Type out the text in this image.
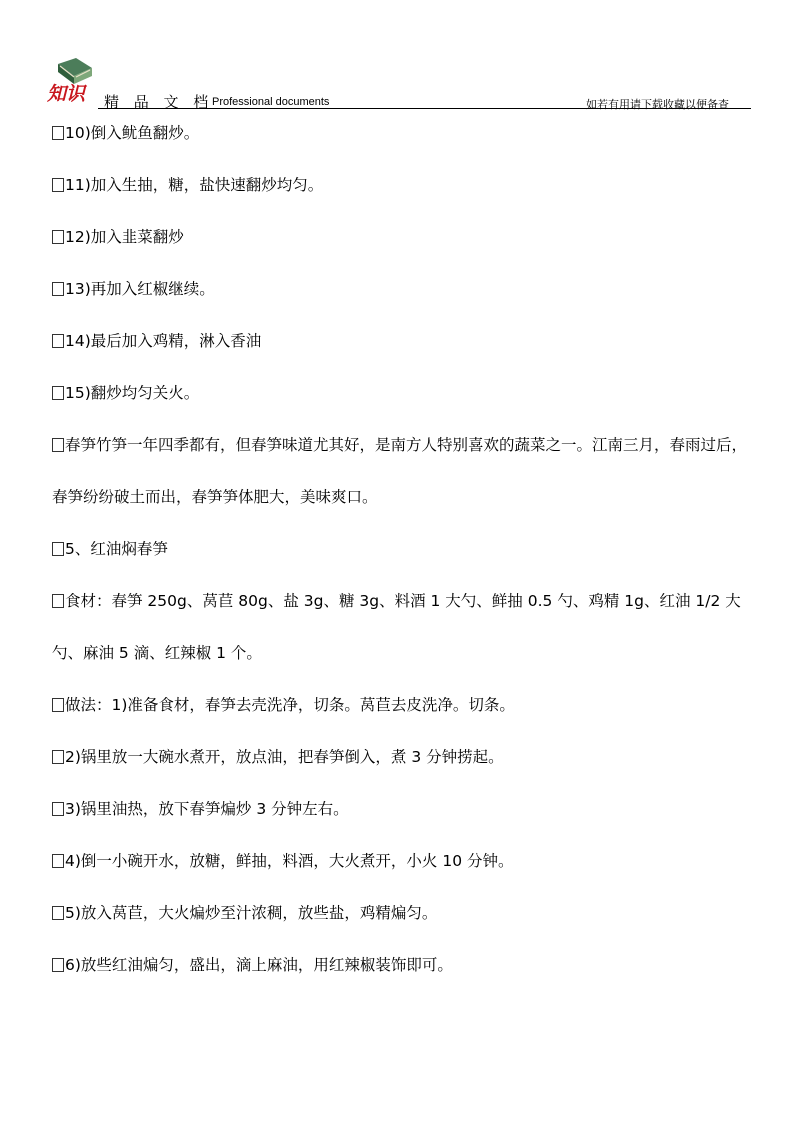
知识 精 品 文 档
Professional documents	如若有用请下载收藏以便备查

10)倒入鱿鱼翻炒。

11)加入生抽，糖，盐快速翻炒均匀。

12)加入韭菜翻炒

13)再加入红椒继续。

14)最后加入鸡精，淋入香油

15)翻炒均匀关火。

春笋竹笋一年四季都有，但春笋味道尤其好，是南方人特别喜欢的蔬菜之一。江南三月，春雨过后，春笋纷纷破土而出，春笋笋体肥大，美味爽口。

5、红油焖春笋

食材：春笋 250g、莴苣 80g、盐 3g、糖 3g、料酒 1 大勺、鲜抽 0.5 勺、鸡精 1g、红油 1/2 大勺、麻油 5 滴、红辣椒 1 个。

做法：1)准备食材，春笋去壳洗净，切条。莴苣去皮洗净。切条。

2)锅里放一大碗水煮开，放点油，把春笋倒入，煮 3 分钟捞起。

3)锅里油热，放下春笋煸炒 3 分钟左右。

4)倒一小碗开水，放糖，鲜抽，料酒，大火煮开，小火 10 分钟。

5)放入莴苣，大火煸炒至汁浓稠，放些盐，鸡精煸匀。

6)放些红油煸匀，盛出，滴上麻油，用红辣椒装饰即可。
